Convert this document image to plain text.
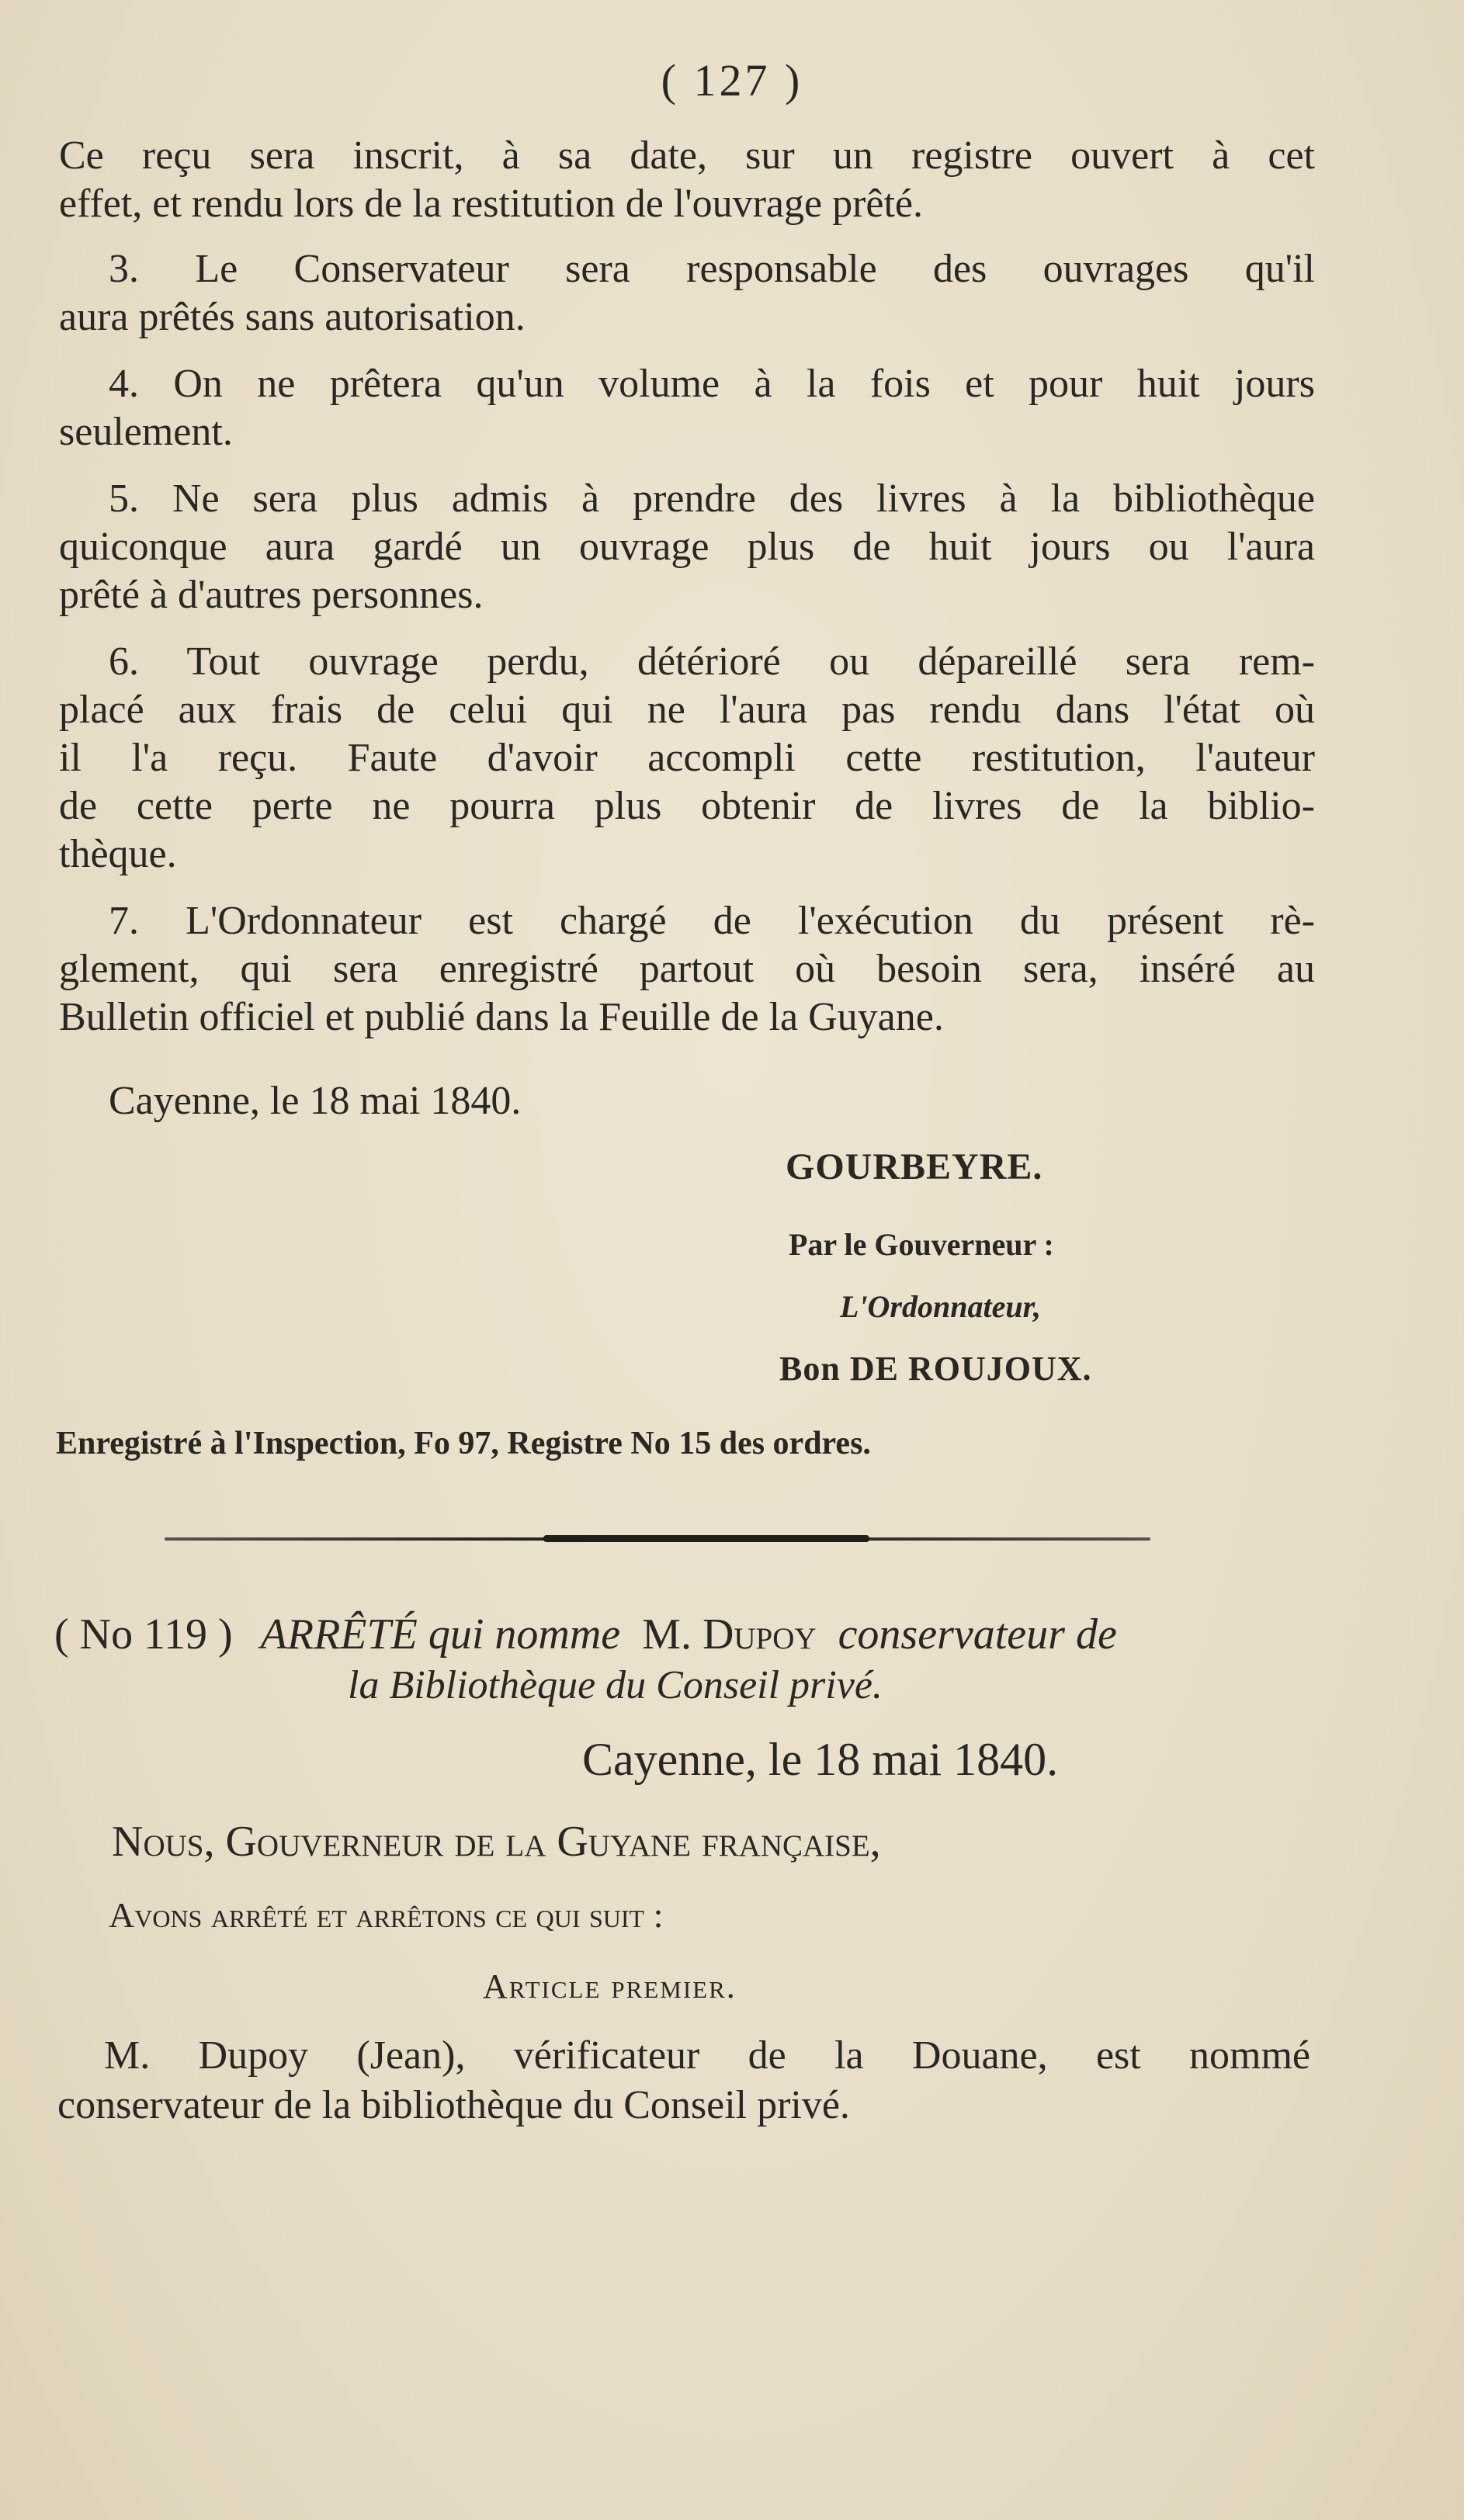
( 127 )
Ce reçu sera inscrit, à sa date, sur un registre ouvert à cet
effet, et rendu lors de la restitution de l'ouvrage prêté.
3. Le Conservateur sera responsable des ouvrages qu'il
aura prêtés sans autorisation.
4. On ne prêtera qu'un volume à la fois et pour huit jours
seulement.
5. Ne sera plus admis à prendre des livres à la bibliothèque
quiconque aura gardé un ouvrage plus de huit jours ou l'aura
prêté à d'autres personnes.
6. Tout ouvrage perdu, détérioré ou dépareillé sera rem-
placé aux frais de celui qui ne l'aura pas rendu dans l'état où
il l'a reçu. Faute d'avoir accompli cette restitution, l'auteur
de cette perte ne pourra plus obtenir de livres de la biblio-
thèque.
7. L'Ordonnateur est chargé de l'exécution du présent rè-
glement, qui sera enregistré partout où besoin sera, inséré au
Bulletin officiel et publié dans la Feuille de la Guyane.
Cayenne, le 18 mai 1840.
GOURBEYRE.
Par le Gouverneur :
L'Ordonnateur,
Bon DE ROUJOUX.
Enregistré à l'Inspection, Fo 97, Registre No 15 des ordres.
( No 119 ) ARRÊTÉ qui nomme M. Dupoy conservateur de
la Bibliothèque du Conseil privé.
Cayenne, le 18 mai 1840.
Nous, Gouverneur de la Guyane française,
Avons arrêté et arrêtons ce qui suit :
Article premier.
M. Dupoy (Jean), vérificateur de la Douane, est nommé
conservateur de la bibliothèque du Conseil privé.
